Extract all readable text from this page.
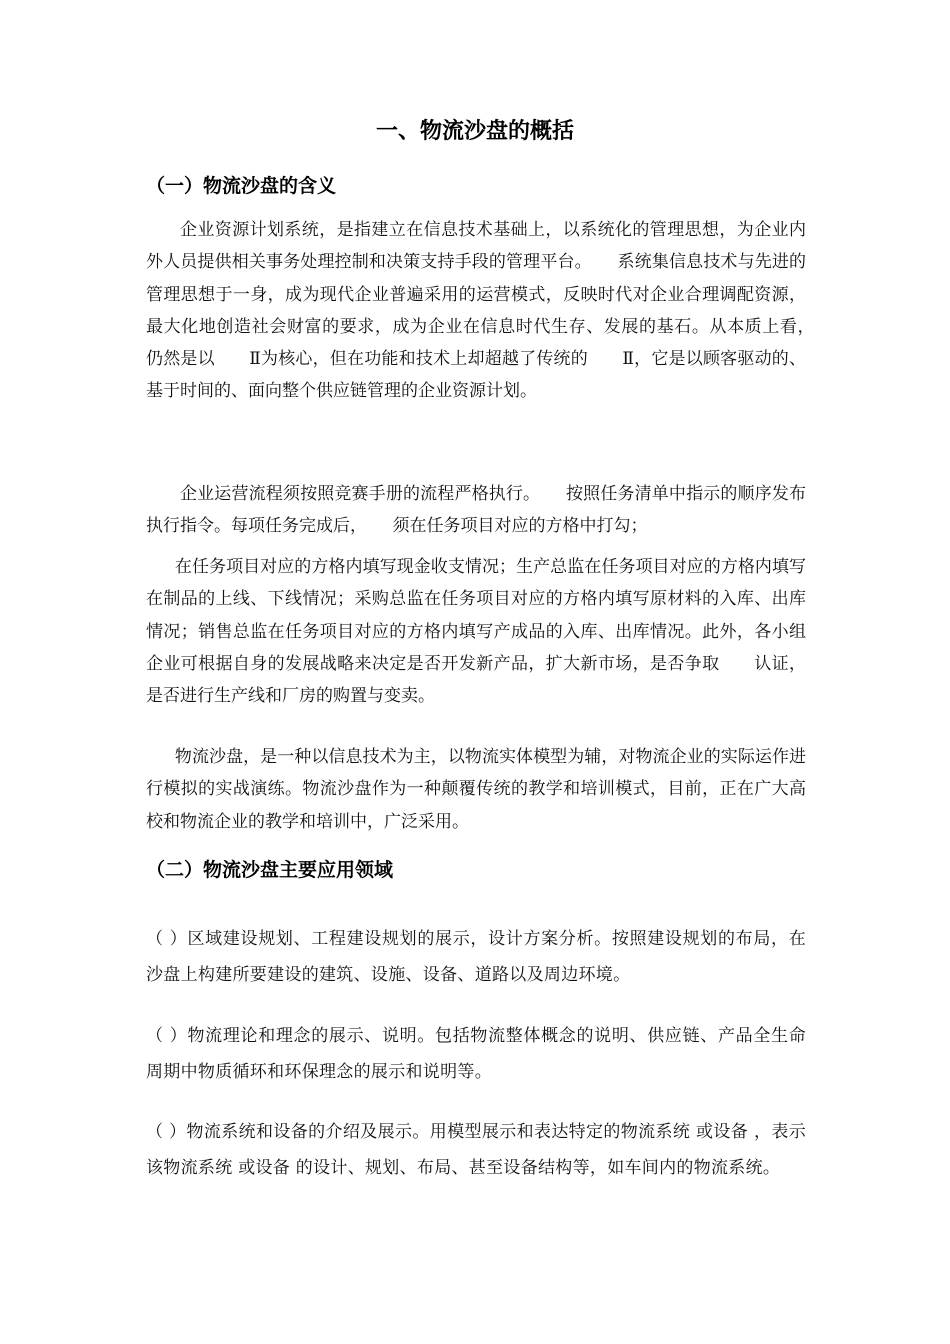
一、物流沙盘的概括
（一）物流沙盘的含义
企业资源计划系统，是指建立在信息技术基础上，以系统化的管理思想，为企业内外人员提供相关事务处理控制和决策支持手段的管理平台。　　系统集信息技术与先进的管理思想于一身，成为现代企业普遍采用的运营模式，反映时代对企业合理调配资源，最大化地创造社会财富的要求，成为企业在信息时代生存、发展的基石。从本质上看，　　仍然是以　　Ⅱ为核心，但在功能和技术上却超越了传统的　　Ⅱ，它是以顾客驱动的、基于时间的、面向整个供应链管理的企业资源计划。
企业运营流程须按照竞赛手册的流程严格执行。　　按照任务清单中指示的顺序发布执行指令。每项任务完成后，　　须在任务项目对应的方格中打勾；
在任务项目对应的方格内填写现金收支情况；生产总监在任务项目对应的方格内填写在制品的上线、下线情况；采购总监在任务项目对应的方格内填写原材料的入库、出库情况；销售总监在任务项目对应的方格内填写产成品的入库、出库情况。此外，各小组企业可根据自身的发展战略来决定是否开发新产品，扩大新市场，是否争取　　认证，是否进行生产线和厂房的购置与变卖。
物流沙盘，是一种以信息技术为主，以物流实体模型为辅，对物流企业的实际运作进行模拟的实战演练。物流沙盘作为一种颠覆传统的教学和培训模式，目前，正在广大高校和物流企业的教学和培训中，广泛采用。
（二）物流沙盘主要应用领域
（ ）区域建设规划、工程建设规划的展示，设计方案分析。按照建设规划的布局，在沙盘上构建所要建设的建筑、设施、设备、道路以及周边环境。
（ ）物流理论和理念的展示、说明。包括物流整体概念的说明、供应链、产品全生命周期中物质循环和环保理念的展示和说明等。
（ ）物流系统和设备的介绍及展示。用模型展示和表达特定的物流系统 或设备 ，表示该物流系统 或设备 的设计、规划、布局、甚至设备结构等，如车间内的物流系统。
